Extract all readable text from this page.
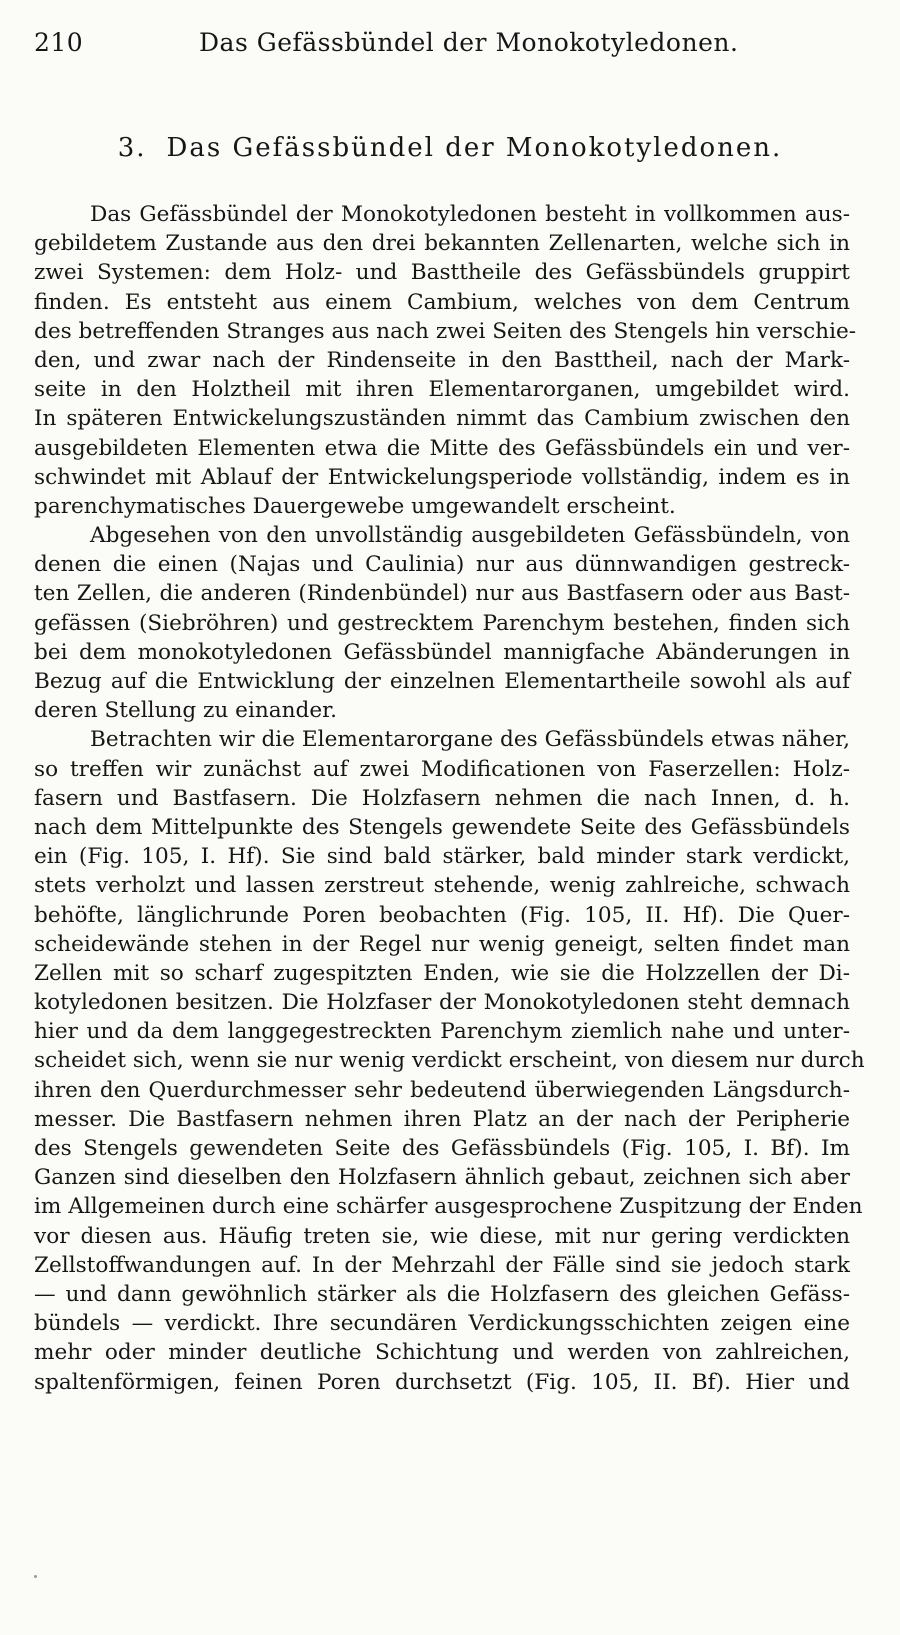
210	Das Gefässbündel der Monokotyledonen.
3. Das Gefässbündel der Monokotyledonen.
Das Gefässbündel der Monokotyledonen besteht in vollkommen aus-
gebildetem Zustande aus den drei bekannten Zellenarten, welche sich in
zwei Systemen: dem Holz- und Basttheile des Gefässbündels gruppirt
finden. Es entsteht aus einem Cambium, welches von dem Centrum
des betreffenden Stranges aus nach zwei Seiten des Stengels hin verschie-
den, und zwar nach der Rindenseite in den Basttheil, nach der Mark-
seite in den Holztheil mit ihren Elementarorganen, umgebildet wird.
In späteren Entwickelungszuständen nimmt das Cambium zwischen den
ausgebildeten Elementen etwa die Mitte des Gefässbündels ein und ver-
schwindet mit Ablauf der Entwickelungsperiode vollständig, indem es in
parenchymatisches Dauergewebe umgewandelt erscheint.
Abgesehen von den unvollständig ausgebildeten Gefässbündeln, von
denen die einen (Najas und Caulinia) nur aus dünnwandigen gestreck-
ten Zellen, die anderen (Rindenbündel) nur aus Bastfasern oder aus Bast-
gefässen (Siebröhren) und gestrecktem Parenchym bestehen, finden sich
bei dem monokotyledonen Gefässbündel mannigfache Abänderungen in
Bezug auf die Entwicklung der einzelnen Elementartheile sowohl als auf
deren Stellung zu einander.
Betrachten wir die Elementarorgane des Gefässbündels etwas näher,
so treffen wir zunächst auf zwei Modificationen von Faserzellen: Holz-
fasern und Bastfasern. Die Holzfasern nehmen die nach Innen, d. h.
nach dem Mittelpunkte des Stengels gewendete Seite des Gefässbündels
ein (Fig. 105, I. Hf). Sie sind bald stärker, bald minder stark verdickt,
stets verholzt und lassen zerstreut stehende, wenig zahlreiche, schwach
behöfte, länglichrunde Poren beobachten (Fig. 105, II. Hf). Die Quer-
scheidewände stehen in der Regel nur wenig geneigt, selten findet man
Zellen mit so scharf zugespitzten Enden, wie sie die Holzzellen der Di-
kotyledonen besitzen. Die Holzfaser der Monokotyledonen steht demnach
hier und da dem langgegestreckten Parenchym ziemlich nahe und unter-
scheidet sich, wenn sie nur wenig verdickt erscheint, von diesem nur durch
ihren den Querdurchmesser sehr bedeutend überwiegenden Längsdurch-
messer. Die Bastfasern nehmen ihren Platz an der nach der Peripherie
des Stengels gewendeten Seite des Gefässbündels (Fig. 105, I. Bf). Im
Ganzen sind dieselben den Holzfasern ähnlich gebaut, zeichnen sich aber
im Allgemeinen durch eine schärfer ausgesprochene Zuspitzung der Enden
vor diesen aus. Häufig treten sie, wie diese, mit nur gering verdickten
Zellstoffwandungen auf. In der Mehrzahl der Fälle sind sie jedoch stark
— und dann gewöhnlich stärker als die Holzfasern des gleichen Gefäss-
bündels — verdickt. Ihre secundären Verdickungsschichten zeigen eine
mehr oder minder deutliche Schichtung und werden von zahlreichen,
spaltenförmigen, feinen Poren durchsetzt (Fig. 105, II. Bf). Hier und
